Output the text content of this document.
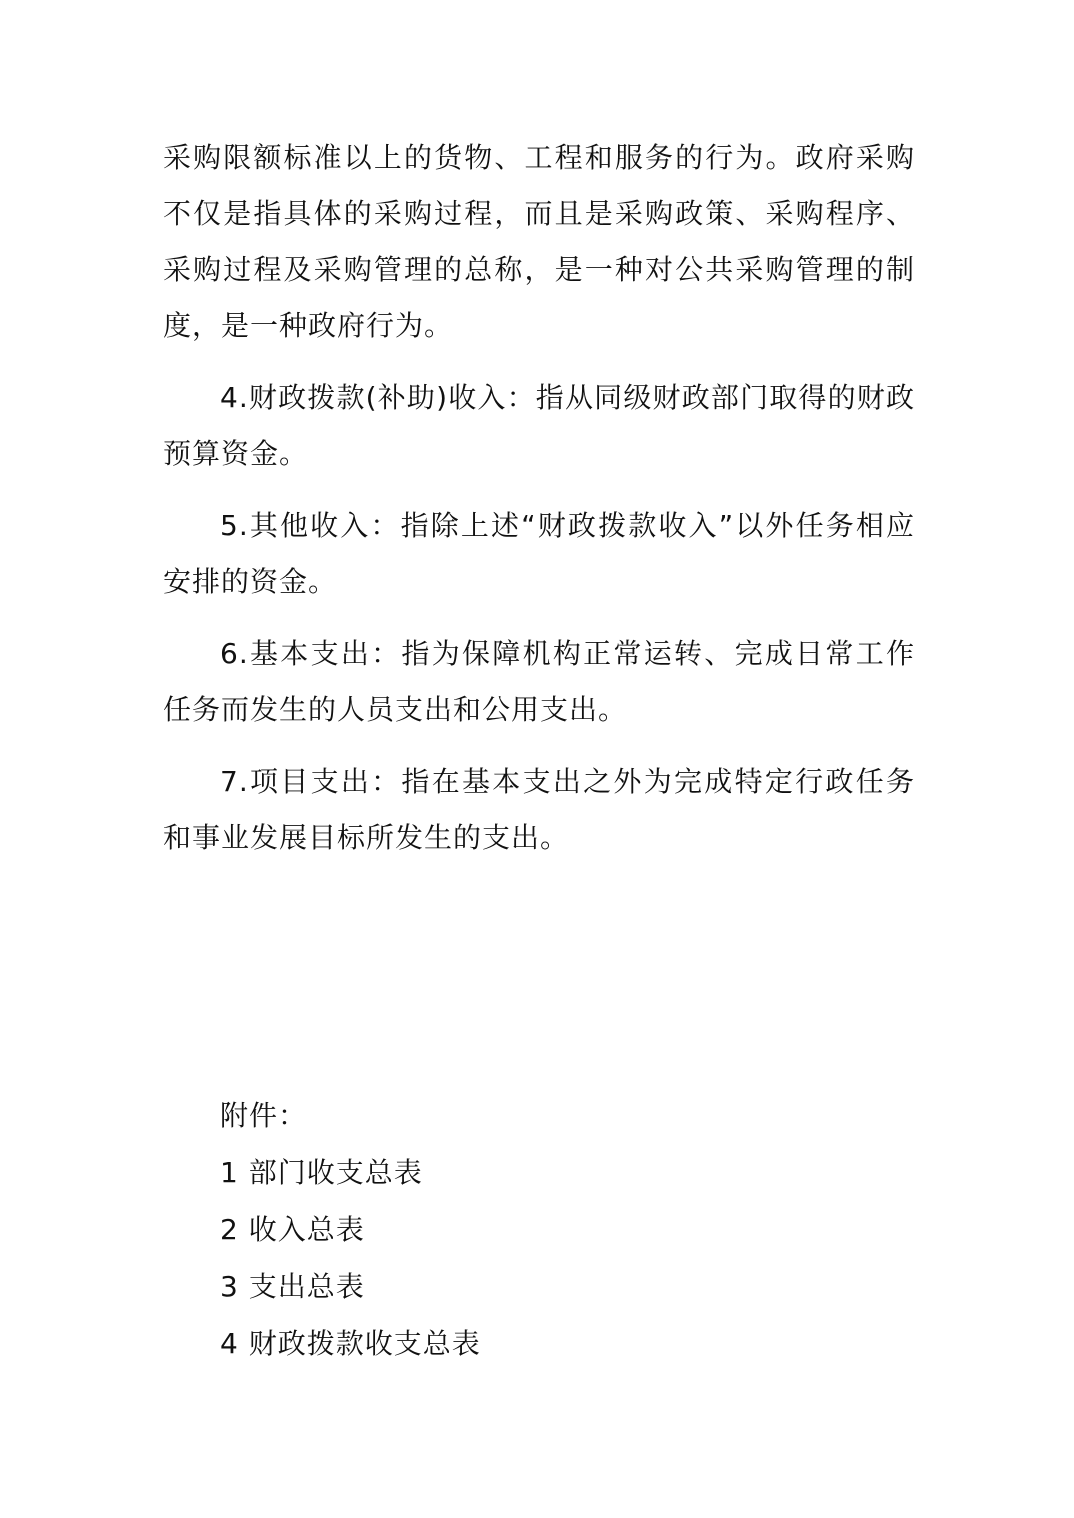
采购限额标准以上的货物、工程和服务的行为。政府采购不仅是指具体的采购过程，而且是采购政策、采购程序、采购过程及采购管理的总称，是一种对公共采购管理的制度，是一种政府行为。

4.财政拨款(补助)收入：指从同级财政部门取得的财政预算资金。

5.其他收入：指除上述“财政拨款收入”以外任务相应安排的资金。

6.基本支出：指为保障机构正常运转、完成日常工作任务而发生的人员支出和公用支出。

7.项目支出：指在基本支出之外为完成特定行政任务和事业发展目标所发生的支出。

附件：

1 部门收支总表

2 收入总表

3 支出总表

4 财政拨款收支总表
